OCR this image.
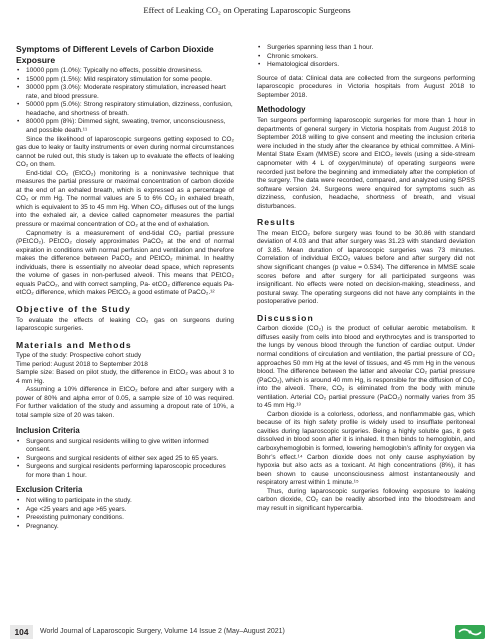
Effect of Leaking CO₂ on Operating Laparoscopic Surgeons
Symptoms of Different Levels of Carbon Dioxide Exposure
• 10000 ppm (1.0%): Typically no effects, possible drowsiness.
• 15000 ppm (1.5%): Mild respiratory stimulation for some people.
• 30000 ppm (3.0%): Moderate respiratory stimulation, increased heart rate, and blood pressure.
• 50000 ppm (5.0%): Strong respiratory stimulation, dizziness, confusion, headache, and shortness of breath.
• 80000 ppm (8%): Dimmed sight, sweating, tremor, unconsciousness, and possible death.¹¹

Since the likelihood of laparoscopic surgeons getting exposed to CO₂ gas due to leaky or faulty instruments or even during normal circumstances cannot be ruled out, this study is taken up to evaluate the effects of leaking CO₂ on them.

End-tidal CO₂ (EtCO₂) monitoring is a noninvasive technique that measures the partial pressure or maximal concentration of carbon dioxide at the end of an exhaled breath, which is expressed as a percentage of CO₂ or mm Hg. The normal values are 5 to 6% CO₂ in exhaled breath, which is equivalent to 35 to 45 mm Hg. When CO₂ diffuses out of the lungs into the exhaled air, a device called capnometer measures the partial pressure or maximal concentration of CO₂ at the end of exhalation.

Capnometry is a measurement of end-tidal CO₂ partial pressure (PEtCO₂). PEtCO₂ closely approximates PaCO₂ at the end of normal expiration in conditions with normal perfusion and ventilation and therefore makes the difference between PaCO₂ and PEtCO₂ minimal. In healthy individuals, there is essentially no alveolar dead space, which represents the volume of gases in non-perfused alveoli. This means that PEtCO₂ equals PaCO₂, and with correct sampling, Pa- etCO₂ difference equals Pa- etCO₂ difference, which makes PEtCO₂ a good estimate of PaCO₂.¹²

Objective of the Study

To evaluate the effects of leaking CO₂ gas on surgeons during laparoscopic surgeries.

Materials and Methods

Type of the study: Prospective cohort study

Time period: August 2018 to September 2018

Sample size: Based on pilot study, the difference in EtCO₂ was about 3 to 4 mm Hg.

Assuming a 10% difference in EtCO₂ before and after surgery with a power of 80% and alpha error of 0.05, a sample size of 10 was required. For further validation of the study and assuming a dropout rate of 10%, a total sample size of 20 was taken.

Inclusion Criteria
• Surgeons and surgical residents willing to give written informed consent.
• Surgeons and surgical residents of either sex aged 25 to 65 years.
• Surgeons and surgical residents performing laparoscopic procedures for more than 1 hour.
Exclusion Criteria
• Not willing to participate in the study.
• Age <25 years and age >65 years.
• Preexisting pulmonary conditions.
• Pregnancy.
• Surgeries spanning less than 1 hour.
• Chronic smokers.
• Hematological disorders.

Source of data: Clinical data are collected from the surgeons performing laparoscopic procedures in Victoria hospitals from August 2018 to September 2018.

Methodology

Ten surgeons performing laparoscopic surgeries for more than 1 hour in departments of general surgery in Victoria hospitals from August 2018 to September 2018 willing to give consent and meeting the inclusion criteria were included in the study after the clearance by ethical committee. A Mini-Mental State Exam (MMSE) score and EtCO₂ levels (using a side-stream capnometer with 4 L of oxygen/minute) of operating surgeons were recorded just before the beginning and immediately after the completion of the surgery. The data were recorded, compared, and analyzed using SPSS software version 24. Surgeons were enquired for symptoms such as dizziness, confusion, headache, shortness of breath, and visual disturbances.

Results

The mean EtCO₂ before surgery was found to be 30.86 with standard deviation of 4.03 and that after surgery was 31.23 with standard deviation of 3.85. Mean duration of laparoscopic surgeries was 73 minutes. Correlation of individual EtCO₂ values before and after surgery did not show significant changes (p value = 0.534). The difference in MMSE scale scores before and after surgery for all participated surgeons was insignificant. No effects were noted on decision-making, steadiness, and postural sway. The operating surgeons did not have any complaints in the postoperative period.

Discussion

Carbon dioxide (CO₂) is the product of cellular aerobic metabolism. It diffuses easily from cells into blood and erythrocytes and is transported to the lungs by venous blood through the function of cardiac output. Under normal conditions of circulation and ventilation, the partial pressure of CO₂ approaches 50 mm Hg at the level of tissues, and 45 mm Hg in the venous blood. The difference between the latter and alveolar CO₂ partial pressure (PaCO₂), which is around 40 mm Hg, is responsible for the diffusion of CO₂ into the alveoli. There, CO₂ is eliminated from the body with minute ventilation. Arterial CO₂ partial pressure (PaCO₂) normally varies from 35 to 45 mm Hg.¹³

Carbon dioxide is a colorless, odorless, and nonflammable gas, which because of its high safety profile is widely used to insufflate peritoneal cavities during laparoscopic surgeries. Being a highly soluble gas, it gets dissolved in blood soon after it is inhaled. It then binds to hemoglobin, and carboxyhemoglobin is formed, lowering hemoglobin’s affinity for oxygen via Bohr’s effect.¹⁴ Carbon dioxide does not only cause asphyxiation by hypoxia but also acts as a toxicant. At high concentrations (8%), it has been shown to cause unconsciousness almost instantaneously and respiratory arrest within 1 minute.¹⁵

Thus, during laparoscopic surgeries following exposure to leaking carbon dioxide, CO₂ can be readily absorbed into the bloodstream and may result in significant hypercarbia.

104	World Journal of Laparoscopic Surgery, Volume 14 Issue 2 (May–August 2021)
